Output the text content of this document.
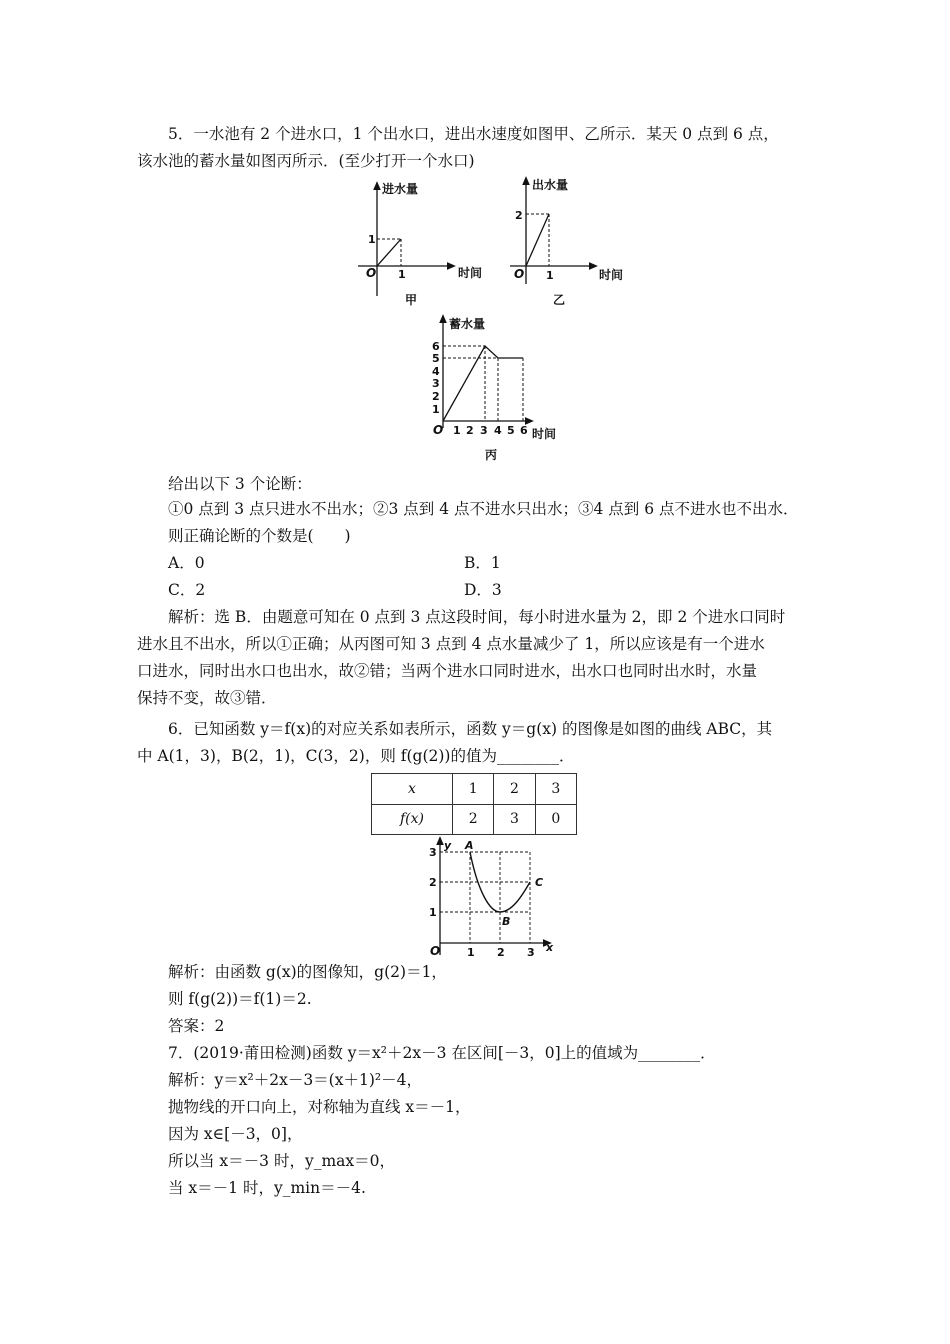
5．一水池有 2 个进水口，1 个出水口，进出水速度如图甲、乙所示．某天 0 点到 6 点，
该水池的蓄水量如图丙所示．(至少打开一个水口)
进水量
时间
O 1
1
甲
出水量
时间
O 1
2
乙
蓄水量
时间
O 1 2 3 4 5 6
1
2
3
4
5
6
丙
给出以下 3 个论断：
①0 点到 3 点只进水不出水；②3 点到 4 点不进水只出水；③4 点到 6 点不进水也不出水．
则正确论断的个数是(　　)
A．0	B．1
C．2	D．3
解析：选 B．由题意可知在 0 点到 3 点这段时间，每小时进水量为 2，即 2 个进水口同时
进水且不出水，所以①正确；从丙图可知 3 点到 4 点水量减少了 1，所以应该是有一个进水
口进水，同时出水口也出水，故②错；当两个进水口同时进水，出水口也同时出水时，水量
保持不变，故③错．
6．已知函数 y＝f(x)的对应关系如表所示，函数 y＝g(x) 的图像是如图的曲线 ABC，其
中 A(1，3)，B(2，1)，C(3，2)，则 f(g(2))的值为________．
x	1	2	3
f(x)	2	3	0
y
x
O 1 2 3
1
2
3
A
B
C
解析：由函数 g(x)的图像知，g(2)＝1，
则 f(g(2))＝f(1)＝2.
答案：2
7．(2019·莆田检测)函数 y＝x²＋2x－3 在区间[－3，0]上的值域为________．
解析：y＝x²＋2x－3＝(x＋1)²－4，
抛物线的开口向上，对称轴为直线 x＝－1，
因为 x∈[－3，0]，
所以当 x＝－3 时，y_max＝0，
当 x＝－1 时，y_min＝－4.
